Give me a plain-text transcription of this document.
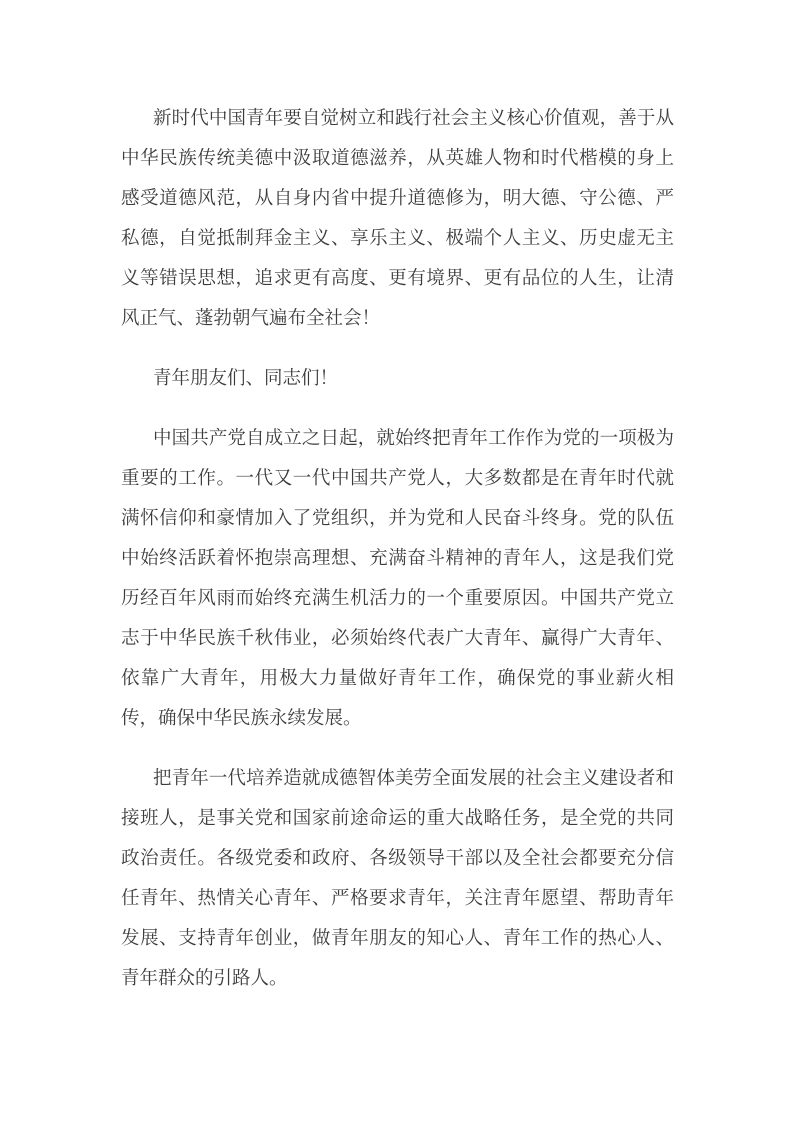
新时代中国青年要自觉树立和践行社会主义核心价值观，善于从中华民族传统美德中汲取道德滋养，从英雄人物和时代楷模的身上感受道德风范，从自身内省中提升道德修为，明大德、守公德、严私德，自觉抵制拜金主义、享乐主义、极端个人主义、历史虚无主义等错误思想，追求更有高度、更有境界、更有品位的人生，让清风正气、蓬勃朝气遍布全社会！

青年朋友们、同志们！

中国共产党自成立之日起，就始终把青年工作作为党的一项极为重要的工作。一代又一代中国共产党人，大多数都是在青年时代就满怀信仰和豪情加入了党组织，并为党和人民奋斗终身。党的队伍中始终活跃着怀抱崇高理想、充满奋斗精神的青年人，这是我们党历经百年风雨而始终充满生机活力的一个重要原因。中国共产党立志于中华民族千秋伟业，必须始终代表广大青年、赢得广大青年、依靠广大青年，用极大力量做好青年工作，确保党的事业薪火相传，确保中华民族永续发展。

把青年一代培养造就成德智体美劳全面发展的社会主义建设者和接班人，是事关党和国家前途命运的重大战略任务，是全党的共同政治责任。各级党委和政府、各级领导干部以及全社会都要充分信任青年、热情关心青年、严格要求青年，关注青年愿望、帮助青年发展、支持青年创业，做青年朋友的知心人、青年工作的热心人、青年群众的引路人。
